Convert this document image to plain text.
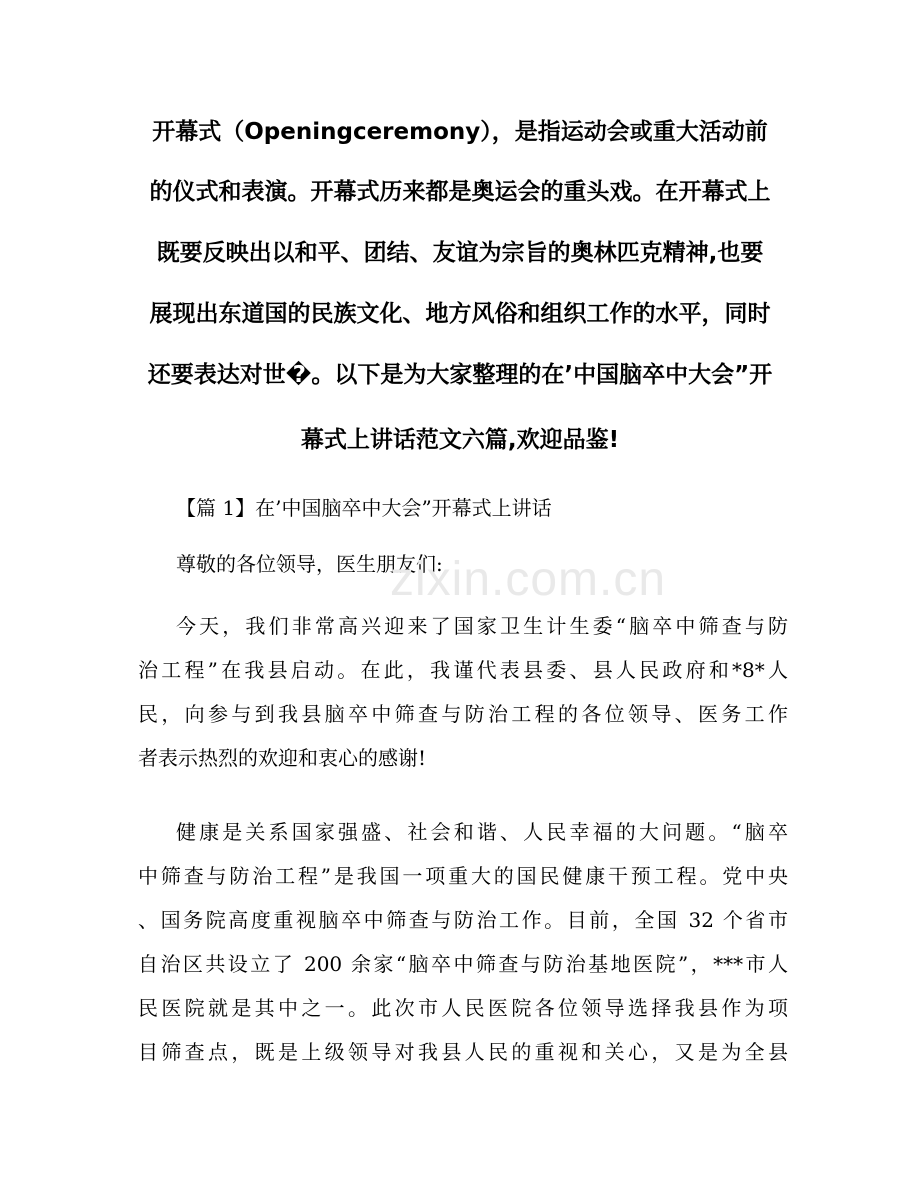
开幕式（Openingceremony），是指运动会或重大活动前
的仪式和表演。开幕式历来都是奥运会的重头戏。在开幕式上
既要反映出以和平、团结、友谊为宗旨的奥林匹克精神,也要
展现出东道国的民族文化、地方风俗和组织工作的水平，同时
还要表达对世�。以下是为大家整理的在’中国脑卒中大会”开
幕式上讲话范文六篇,欢迎品鉴!
【篇 1】在’中国脑卒中大会”开幕式上讲话
尊敬的各位领导，医生朋友们:
今天，我们非常高兴迎来了国家卫生计生委“脑卒中筛查与防
治工程”在我县启动。在此，我谨代表县委、县人民政府和*8*人
民，向参与到我县脑卒中筛查与防治工程的各位领导、医务工作
者表示热烈的欢迎和衷心的感谢!
健康是关系国家强盛、社会和谐、人民幸福的大问题。“脑卒
中筛查与防治工程”是我国一项重大的国民健康干预工程。党中央
、国务院高度重视脑卒中筛查与防治工作。目前，全国 32 个省市
自治区共设立了 200 余家“脑卒中筛查与防治基地医院”，***市人
民医院就是其中之一。此次市人民医院各位领导选择我县作为项
目筛查点，既是上级领导对我县人民的重视和关心，又是为全县
zixin.com.cn
